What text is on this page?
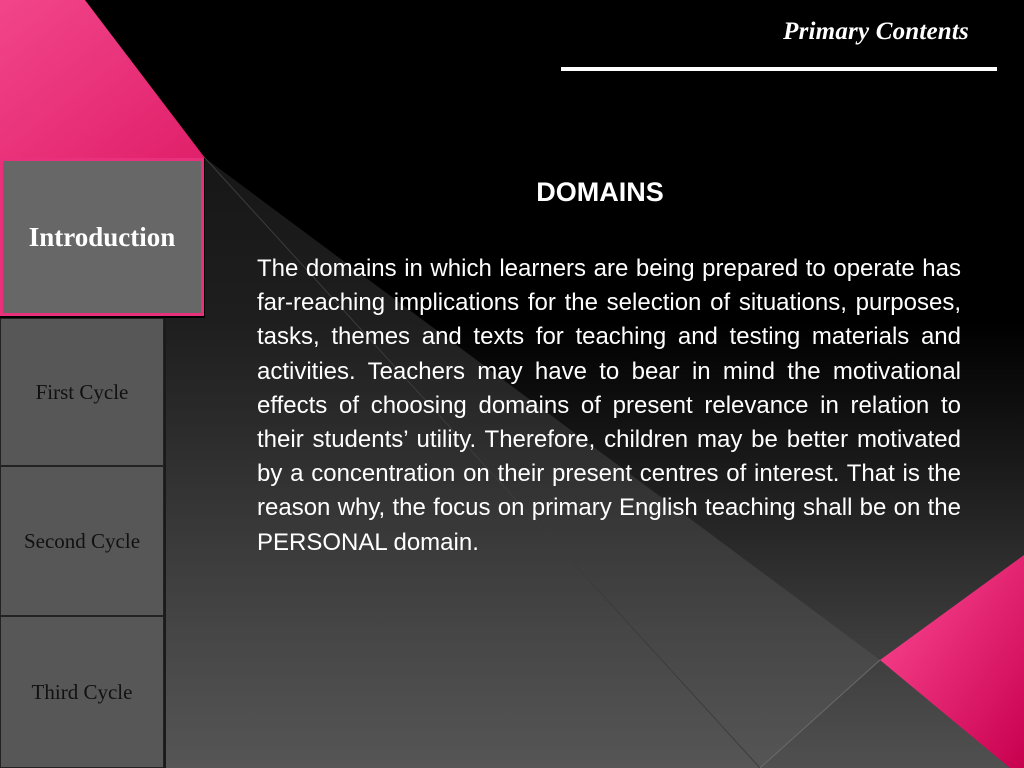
Primary Contents
Introduction
First Cycle
Second Cycle
Third Cycle
DOMAINS

The domains in which learners are being prepared to operate has far-reaching implications for the selection of situations, purposes, tasks, themes and texts for teaching and testing materials and activities. Teachers may have to bear in mind the motivational effects of choosing domains of present relevance in relation to their students’ utility. Therefore, children may be better motivated by a concentration on their present centres of interest. That is the reason why, the focus on primary English teaching shall be on the PERSONAL domain.
